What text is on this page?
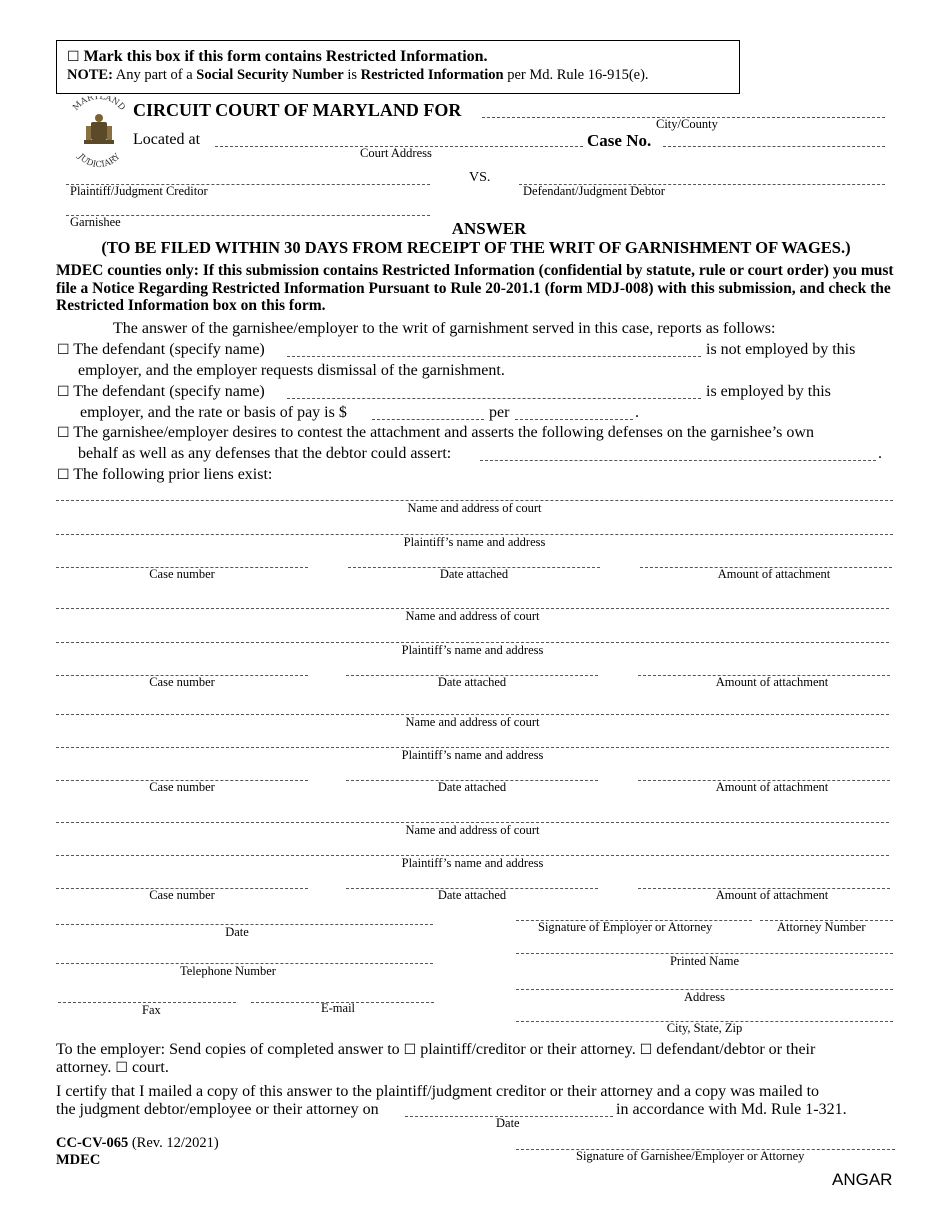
☐ Mark this box if this form contains Restricted Information.
NOTE: Any part of a Social Security Number is Restricted Information per Md. Rule 16-915(e).
MARYLAND
JUDICIARY
CIRCUIT COURT OF MARYLAND FOR
City/County
Located at
Court Address
Case No.
VS.
Plaintiff/Judgment Creditor	Defendant/Judgment Debtor
Garnishee	ANSWER
(TO BE FILED WITHIN 30 DAYS FROM RECEIPT OF THE WRIT OF GARNISHMENT OF WAGES.)
MDEC counties only: If this submission contains Restricted Information (confidential by statute, rule or court order) you must file a Notice Regarding Restricted Information Pursuant to Rule 20-201.1 (form MDJ-008) with this submission, and check the Restricted Information box on this form.
The answer of the garnishee/employer to the writ of garnishment served in this case, reports as follows:
☐ The defendant (specify name)	is not employed by this
employer, and the employer requests dismissal of the garnishment.
☐ The defendant (specify name)	is employed by this
employer, and the rate or basis of pay is $	per	.
☐ The garnishee/employer desires to contest the attachment and asserts the following defenses on the garnishee’s own
behalf as well as any defenses that the debtor could assert:	.
☐ The following prior liens exist:
Name and address of court
Plaintiff’s name and address
Case number	Date attached	Amount of attachment
Name and address of court
Plaintiff’s name and address
Case number	Date attached	Amount of attachment
Name and address of court
Plaintiff’s name and address
Case number	Date attached	Amount of attachment
Name and address of court
Plaintiff’s name and address
Case number	Date attached	Amount of attachment
Date	Signature of Employer or Attorney	Attorney Number
Telephone Number
Printed Name
Fax	E-mail
Address
City, State, Zip
To the employer: Send copies of completed answer to ☐ plaintiff/creditor or their attorney. ☐ defendant/debtor or their
attorney. ☐ court.
I certify that I mailed a copy of this answer to the plaintiff/judgment creditor or their attorney and a copy was mailed to
the judgment debtor/employee or their attorney on	in accordance with Md. Rule 1-321.
Date
CC-CV-065 (Rev. 12/2021)
MDEC	Signature of Garnishee/Employer or Attorney
ANGAR
